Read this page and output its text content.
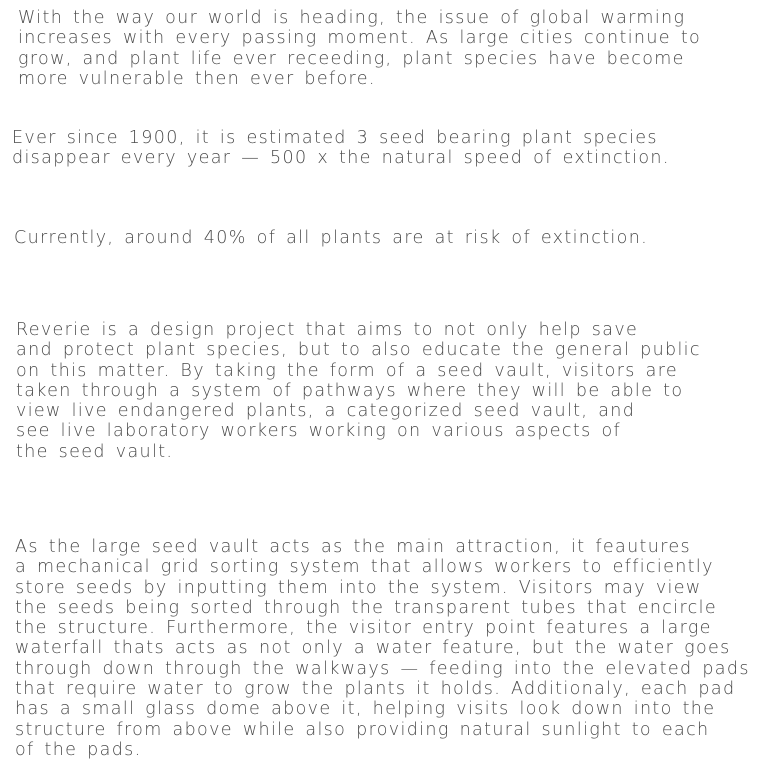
With the way our world is heading, the issue of global warming
increases with every passing moment. As large cities continue to
grow, and plant life ever receeding, plant species have become
more vulnerable then ever before.
Ever since 1900, it is estimated 3 seed bearing plant species
disappear every year — 500 x the natural speed of extinction.
Currently, around 40% of all plants are at risk of extinction.
Reverie is a design project that aims to not only help save
and protect plant species, but to also educate the general public
on this matter. By taking the form of a seed vault, visitors are
taken through a system of pathways where they will be able to
view live endangered plants, a categorized seed vault, and
see live laboratory workers working on various aspects of
the seed vault.
As the large seed vault acts as the main attraction, it feautures
a mechanical grid sorting system that allows workers to efficiently
store seeds by inputting them into the system. Visitors may view
the seeds being sorted through the transparent tubes that encircle
the structure. Furthermore, the visitor entry point features a large
waterfall thats acts as not only a water feature, but the water goes
through down through the walkways — feeding into the elevated pads
that require water to grow the plants it holds. Additionaly, each pad
has a small glass dome above it, helping visits look down into the
structure from above while also providing natural sunlight to each
of the pads.
